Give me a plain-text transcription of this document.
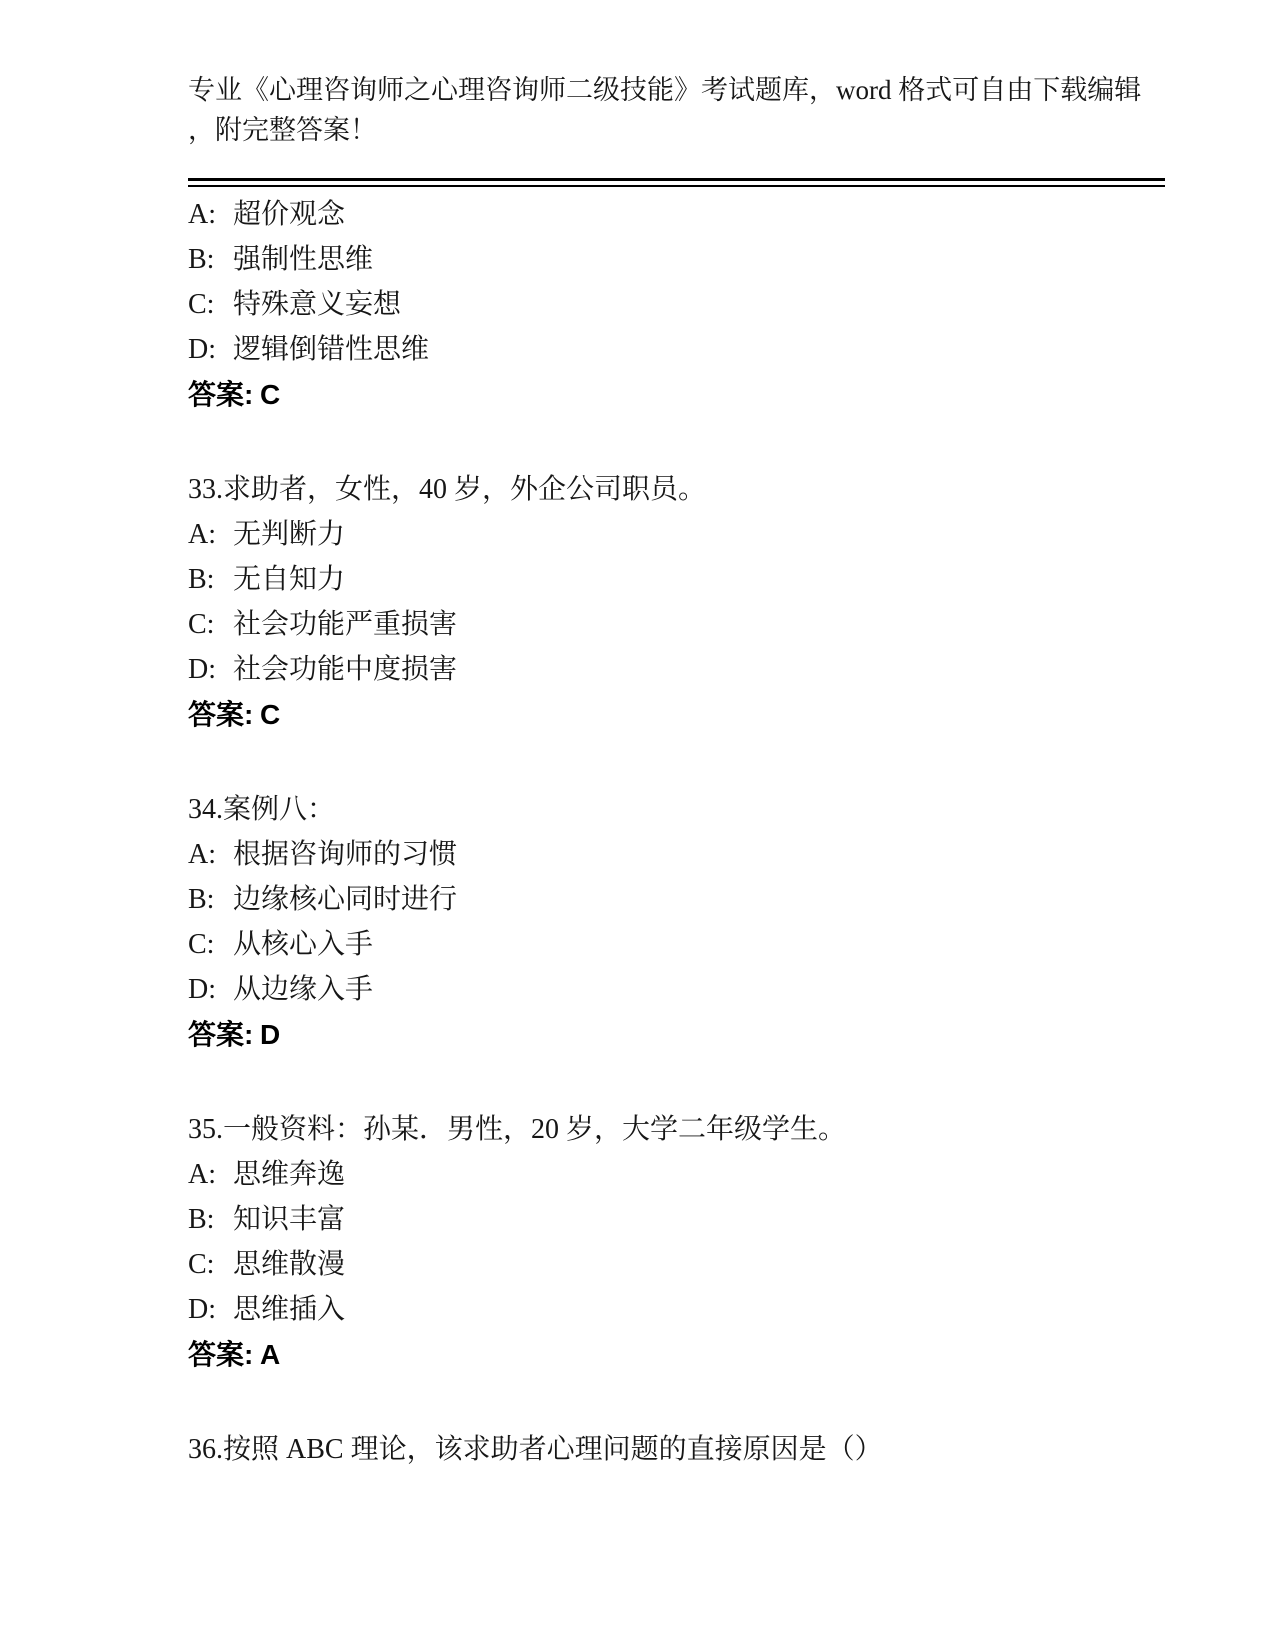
专业《心理咨询师之心理咨询师二级技能》考试题库，word 格式可自由下载编辑

，附完整答案！

A: 超价观念

B: 强制性思维

C: 特殊意义妄想

D: 逻辑倒错性思维

答案: C

33.求助者，女性，40 岁，外企公司职员。

A: 无判断力

B: 无自知力

C: 社会功能严重损害

D: 社会功能中度损害

答案: C

34.案例八：

A: 根据咨询师的习惯

B: 边缘核心同时进行

C: 从核心入手

D: 从边缘入手

答案: D

35.一般资料：孙某．男性，20 岁，大学二年级学生。

A: 思维奔逸

B: 知识丰富

C: 思维散漫

D: 思维插入

答案: A

36.按照 ABC 理论，该求助者心理问题的直接原因是（）
